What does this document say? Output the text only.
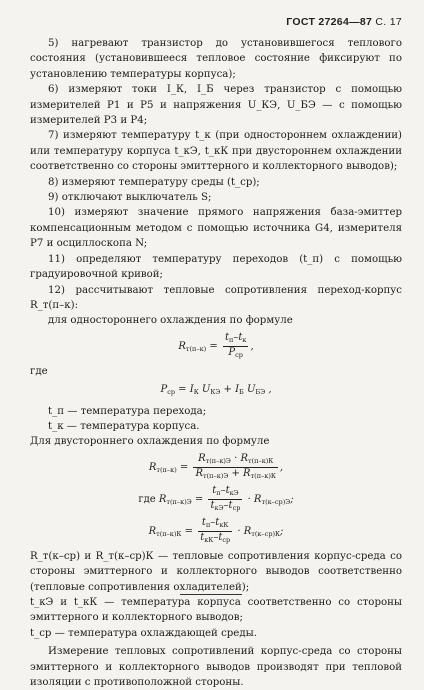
ГОСТ 27264—87 С. 17

5) нагревают транзистор до установившегося теплового состояния (установившееся тепловое состояние фиксируют по установлению температуры корпуса);

6) измеряют токи I_К, I_Б через транзистор с помощью измерителей P1 и P5 и напряжения U_КЭ, U_БЭ — с помощью измерителей P3 и P4;

7) измеряют температуру t_к (при одностороннем охлаждении) или температуру корпуса t_кЭ, t_кК при двустороннем охлаждении соответственно со стороны эмиттерного и коллекторного выводов);

8) измеряют температуру среды (t_ср);

9) отключают выключатель S;

10) измеряют значение прямого напряжения база-эмиттер компенсационным методом с помощью источника G4, измерителя P7 и осциллоскопа N;

11) определяют температуру переходов (t_п) с помощью градуировочной кривой;

12) рассчитывают тепловые сопротивления переход-корпус R_т(п–к):

для одностороннего охлаждения по формуле

$R_{т(п-к)} = \frac{t_п-t_к}{P_{ср}}$ ,

где

$P_{ср} = I_К$ $U_{КЭ} + I_Б$ $U_{БЭ}$ ,

t_п — температура перехода;

t_к — температура корпуса.

Для двустороннего охлаждения по формуле

$R_{т(п-к)} = \frac{R_{т(п-к)Э} \cdot R_{т(п-к)К}}{R_{т(п-к)Э} + R_{т(п-к)К}}$ ,
где $R_{т(п-к)Э} = \frac{t_п-t_{кЭ}}{t_{кЭ}-t_{ср}} \cdot R_{т(к-ср)Э}$;
$R_{т(п-к)К} = \frac{t_п-t_{кК}}{t_{кК}-t_{ср}} \cdot R_{т(к-ср)К}$;

R_т(к–ср) и R_т(к–ср)К — тепловые сопротивления корпус-среда со стороны эмиттерного и коллекторного выводов соответственно (тепловые сопротивления охладителей);

t_кЭ и t_кК — температура корпуса соответственно со стороны эмиттерного и коллекторного выводов;

t_ср — температура охлаждающей среды.

Измерение тепловых сопротивлений корпус-среда со стороны эмиттерного и коллекторного выводов производят при тепловой изоляции с противоположной стороны.
